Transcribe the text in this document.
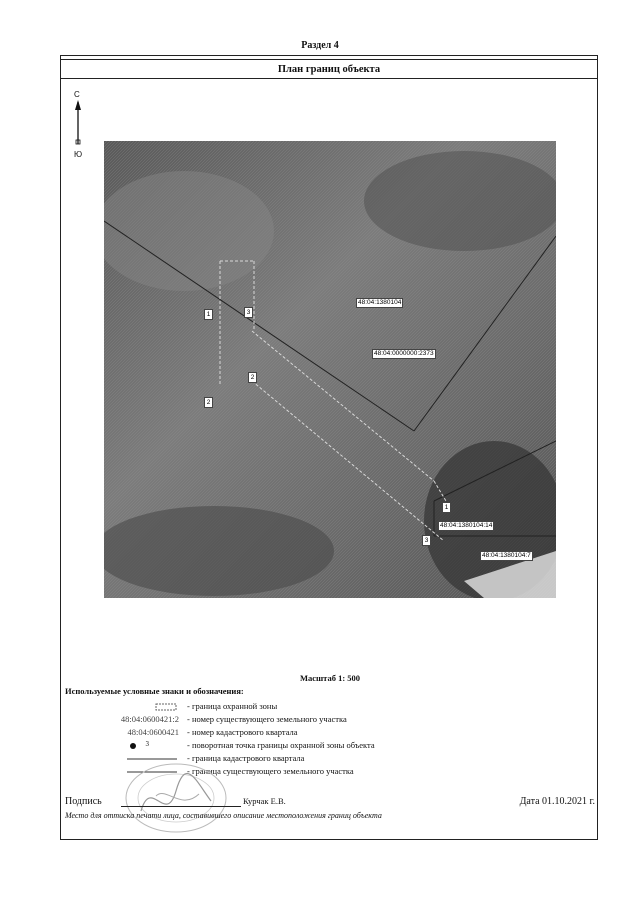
Раздел 4
План границ объекта
С
Ю
48:04:1380104
48:04:0000000:2373
48:04:1380104:14
48:04:1380104:7
1	3
2
2
1
3
Масштаб 1: 500
Используемые условные знаки и обозначения:
- граница охранной зоны
48:04:0600421:2 - номер существующего земельного участка
48:04:0600421 - номер кадастрового квартала
3	- поворотная точка границы охранной зоны объекта
- граница кадастрового квартала
- граница существующего земельного участка
Подпись	Курчак Е.В.	Дата 01.10.2021 г.
Место для оттиска печати лица, составившего описание местоположения границ объекта
